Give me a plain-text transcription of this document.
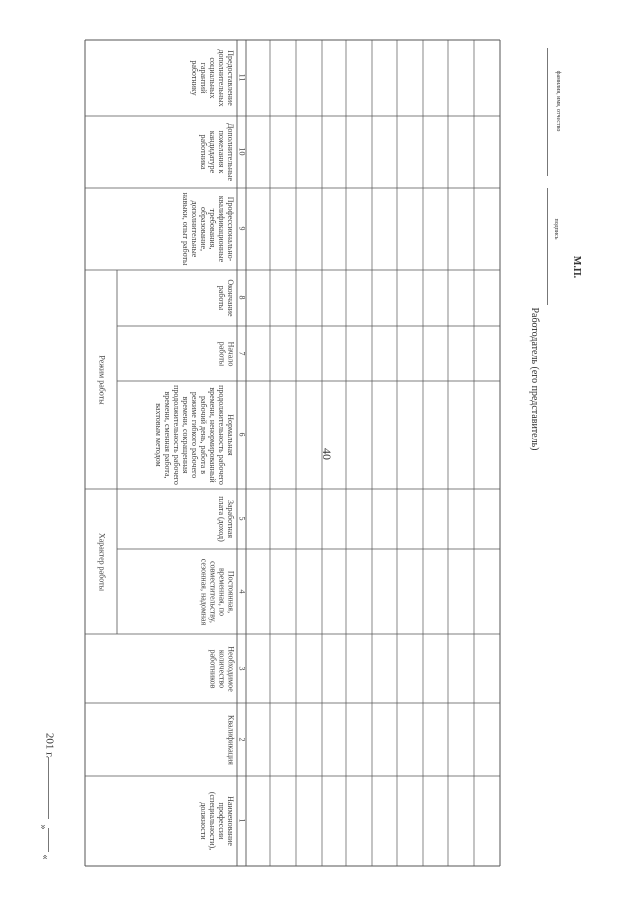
40
Наименование профессии (специальности), должности
Квалификация
Необходимое количество работников
Постоянная, временная, по совместительству, сезонная, надомная
Заработная плата (доход)
Нормальная продолжительность рабочего времени, ненормированный рабочий день, работа в режиме гибкого рабочего времени, сокращенная продолжительность рабочего времени, сменная работа, вахтовым методом
Начало работы
Окончание работы
Профессионально-квалификационные требования, образование, дополнительные навыки, опыт работы
Дополнительные пожелания к кандидатуре работника
Предоставление дополнительных социальных гарантий работнику
Характер работы
Режим работы
1
2
3
4
5
6
7
8
9
10
11
«
»
201 г.
Работодатель (его представитель)
подпись
фамилия, имя, отчество
М.П.
